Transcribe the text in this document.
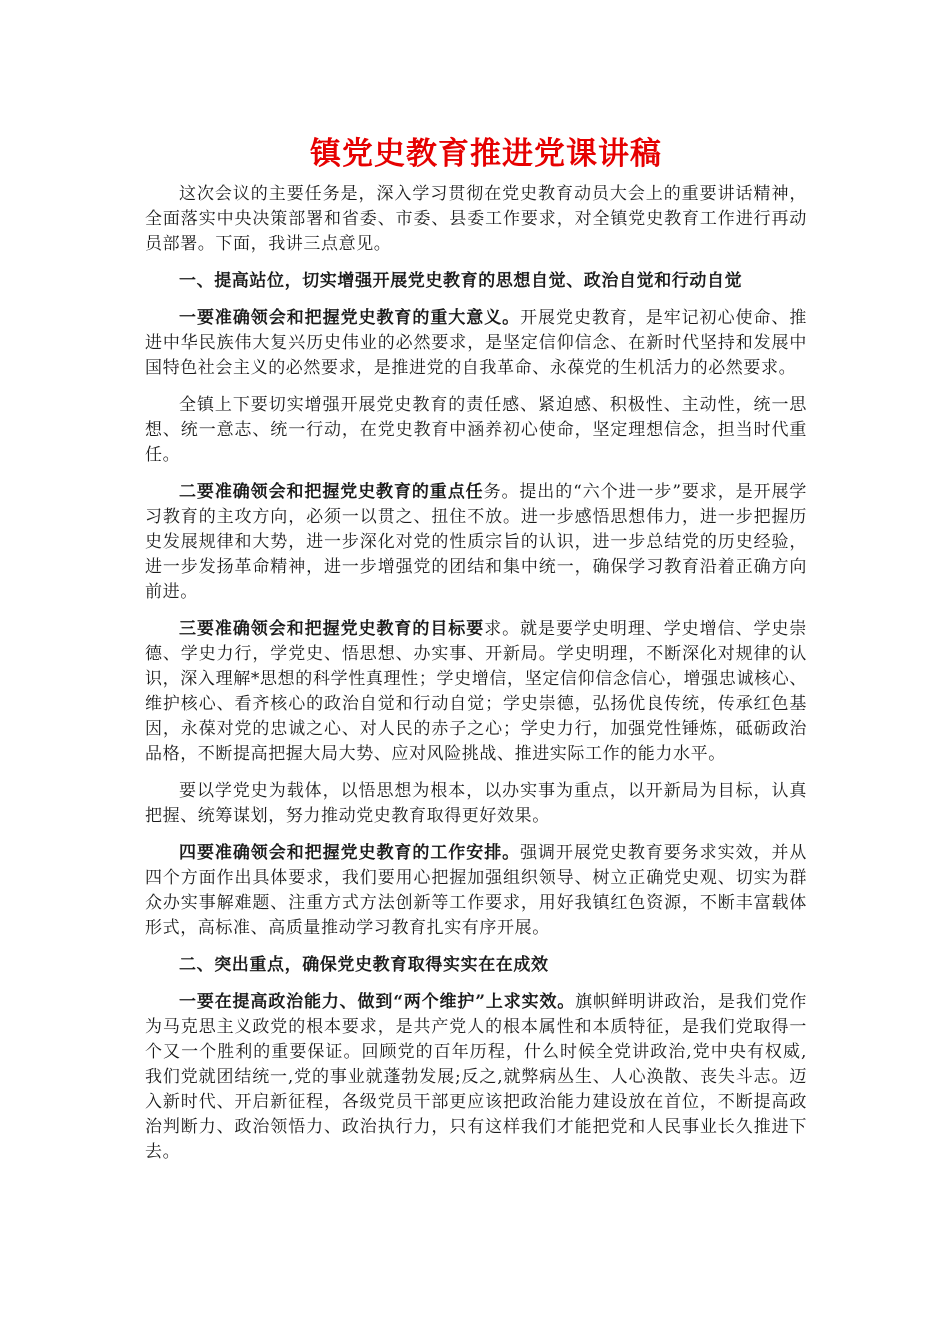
镇党史教育推进党课讲稿

这次会议的主要任务是，深入学习贯彻在党史教育动员大会上的重要讲话精神，全面落实中央决策部署和省委、市委、县委工作要求，对全镇党史教育工作进行再动员部署。下面，我讲三点意见。

一、提高站位，切实增强开展党史教育的思想自觉、政治自觉和行动自觉

一要准确领会和把握党史教育的重大意义。开展党史教育，是牢记初心使命、推进中华民族伟大复兴历史伟业的必然要求，是坚定信仰信念、在新时代坚持和发展中国特色社会主义的必然要求，是推进党的自我革命、永葆党的生机活力的必然要求。

全镇上下要切实增强开展党史教育的责任感、紧迫感、积极性、主动性，统一思想、统一意志、统一行动，在党史教育中涵养初心使命，坚定理想信念，担当时代重任。

二要准确领会和把握党史教育的重点任务。提出的“六个进一步”要求，是开展学习教育的主攻方向，必须一以贯之、扭住不放。进一步感悟思想伟力，进一步把握历史发展规律和大势，进一步深化对党的性质宗旨的认识，进一步总结党的历史经验，进一步发扬革命精神，进一步增强党的团结和集中统一，确保学习教育沿着正确方向前进。

三要准确领会和把握党史教育的目标要求。就是要学史明理、学史增信、学史崇德、学史力行，学党史、悟思想、办实事、开新局。学史明理，不断深化对规律的认识，深入理解*思想的科学性真理性；学史增信，坚定信仰信念信心，增强忠诚核心、维护核心、看齐核心的政治自觉和行动自觉；学史崇德，弘扬优良传统，传承红色基因，永葆对党的忠诚之心、对人民的赤子之心；学史力行，加强党性锤炼，砥砺政治品格，不断提高把握大局大势、应对风险挑战、推进实际工作的能力水平。

要以学党史为载体，以悟思想为根本，以办实事为重点，以开新局为目标，认真把握、统筹谋划，努力推动党史教育取得更好效果。

四要准确领会和把握党史教育的工作安排。强调开展党史教育要务求实效，并从四个方面作出具体要求，我们要用心把握加强组织领导、树立正确党史观、切实为群众办实事解难题、注重方式方法创新等工作要求，用好我镇红色资源，不断丰富载体形式，高标准、高质量推动学习教育扎实有序开展。

二、突出重点，确保党史教育取得实实在在成效

一要在提高政治能力、做到“两个维护”上求实效。旗帜鲜明讲政治，是我们党作为马克思主义政党的根本要求，是共产党人的根本属性和本质特征，是我们党取得一个又一个胜利的重要保证。回顾党的百年历程，什么时候全党讲政治,党中央有权威,我们党就团结统一,党的事业就蓬勃发展;反之,就弊病丛生、人心涣散、丧失斗志。迈入新时代、开启新征程，各级党员干部更应该把政治能力建设放在首位，不断提高政治判断力、政治领悟力、政治执行力，只有这样我们才能把党和人民事业长久推进下去。
